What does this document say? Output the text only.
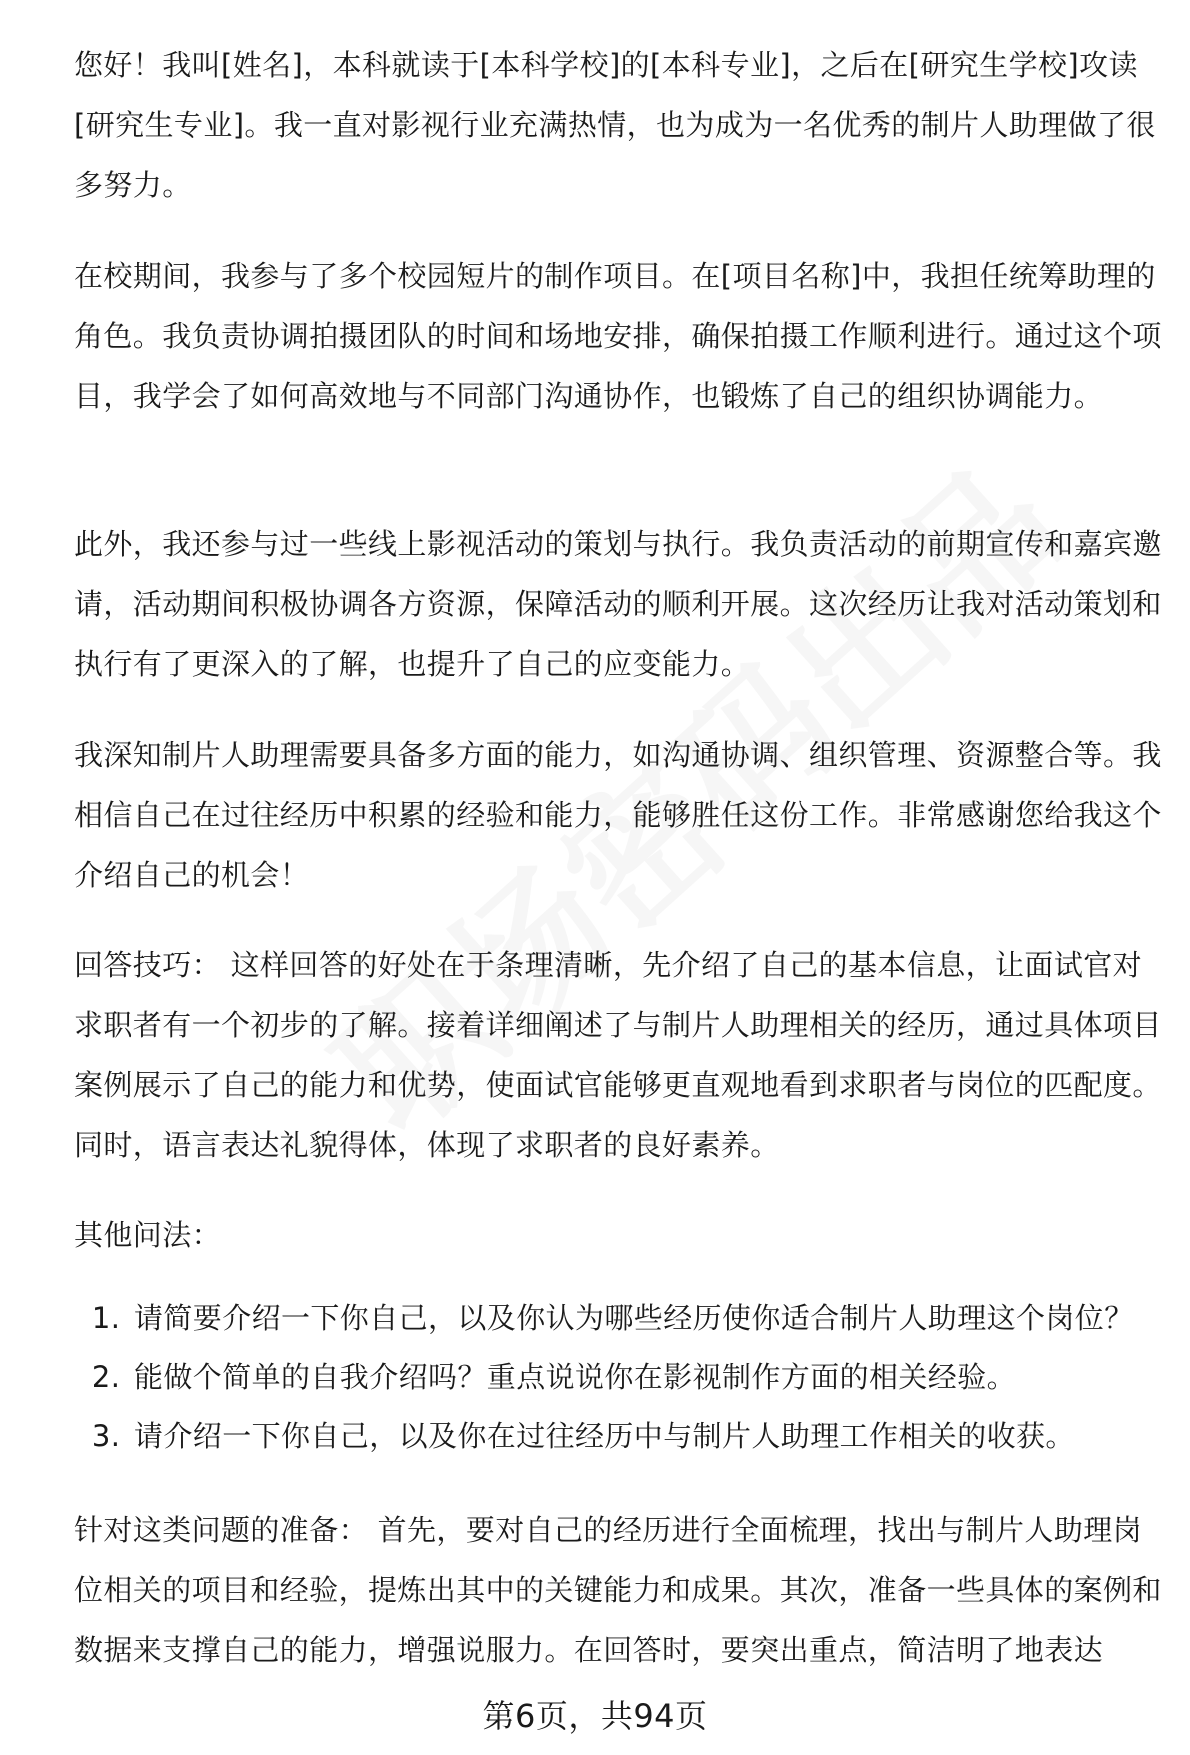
您好！我叫[姓名]，本科就读于[本科学校]的[本科专业]，之后在[研究生学校]攻读[研究生专业]。我一直对影视行业充满热情，也为成为一名优秀的制片人助理做了很多努力。

在校期间，我参与了多个校园短片的制作项目。在[项目名称]中，我担任统筹助理的角色。我负责协调拍摄团队的时间和场地安排，确保拍摄工作顺利进行。通过这个项目，我学会了如何高效地与不同部门沟通协作，也锻炼了自己的组织协调能力。

此外，我还参与过一些线上影视活动的策划与执行。我负责活动的前期宣传和嘉宾邀请，活动期间积极协调各方资源，保障活动的顺利开展。这次经历让我对活动策划和执行有了更深入的了解，也提升了自己的应变能力。

我深知制片人助理需要具备多方面的能力，如沟通协调、组织管理、资源整合等。我相信自己在过往经历中积累的经验和能力，能够胜任这份工作。非常感谢您给我这个介绍自己的机会！

回答技巧： 这样回答的好处在于条理清晰，先介绍了自己的基本信息，让面试官对求职者有一个初步的了解。接着详细阐述了与制片人助理相关的经历，通过具体项目案例展示了自己的能力和优势，使面试官能够更直观地看到求职者与岗位的匹配度。同时，语言表达礼貌得体，体现了求职者的良好素养。

其他问法：

1 . 请简要介绍一下你自己，以及你认为哪些经历使你适合制片人助理这个岗位？
2 . 能做个简单的自我介绍吗？重点说说你在影视制作方面的相关经验。
3 . 请介绍一下你自己，以及你在过往经历中与制片人助理工作相关的收获。

针对这类问题的准备： 首先，要对自己的经历进行全面梳理，找出与制片人助理岗位相关的项目和经验，提炼出其中的关键能力和成果。其次，准备一些具体的案例和数据来支撑自己的能力，增强说服力。在回答时，要突出重点，简洁明了地表达

第6页，共94页
